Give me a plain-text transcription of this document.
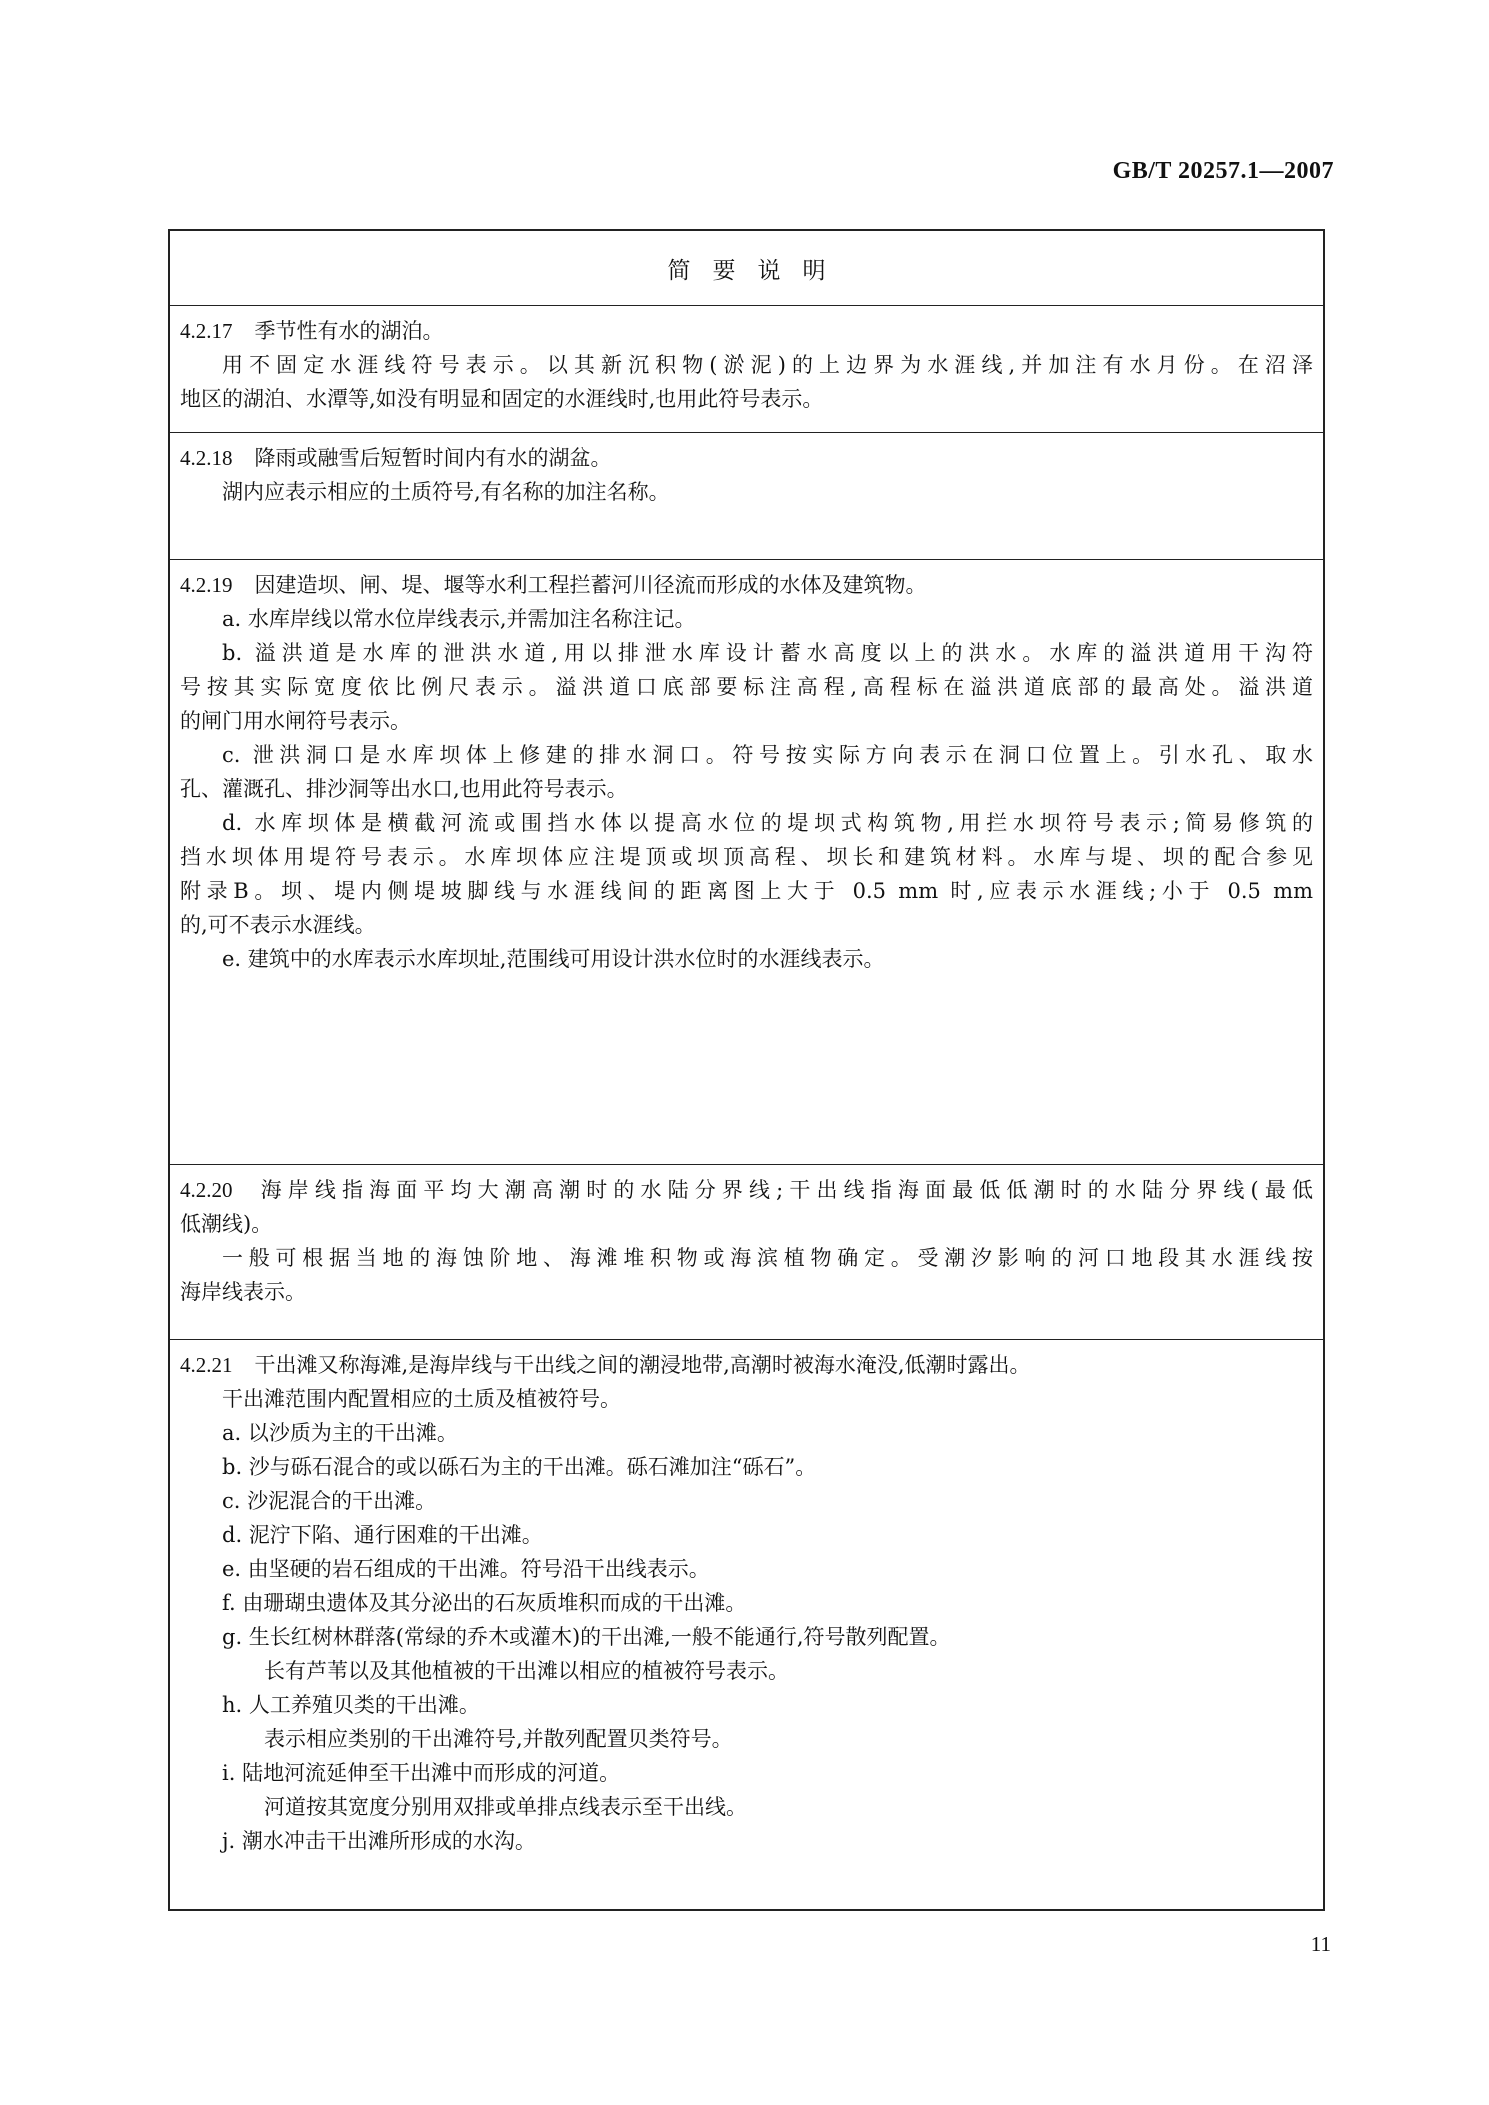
GB/T 20257.1—2007
简要说明
4.2.17 季节性有水的湖泊。
用不固定水涯线符号表示。以其新沉积物(淤泥)的上边界为水涯线,并加注有水月份。在沼泽
地区的湖泊、水潭等,如没有明显和固定的水涯线时,也用此符号表示。
4.2.18 降雨或融雪后短暂时间内有水的湖盆。
湖内应表示相应的土质符号,有名称的加注名称。
4.2.19 因建造坝、闸、堤、堰等水利工程拦蓄河川径流而形成的水体及建筑物。
a. 水库岸线以常水位岸线表示,并需加注名称注记。
b. 溢洪道是水库的泄洪水道,用以排泄水库设计蓄水高度以上的洪水。水库的溢洪道用干沟符
号按其实际宽度依比例尺表示。溢洪道口底部要标注高程,高程标在溢洪道底部的最高处。溢洪道
的闸门用水闸符号表示。
c. 泄洪洞口是水库坝体上修建的排水洞口。符号按实际方向表示在洞口位置上。引水孔、取水
孔、灌溉孔、排沙洞等出水口,也用此符号表示。
d. 水库坝体是横截河流或围挡水体以提高水位的堤坝式构筑物,用拦水坝符号表示;简易修筑的
挡水坝体用堤符号表示。水库坝体应注堤顶或坝顶高程、坝长和建筑材料。水库与堤、坝的配合参见
附录B。坝、堤内侧堤坡脚线与水涯线间的距离图上大于 0.5 mm 时,应表示水涯线;小于 0.5 mm
的,可不表示水涯线。
e. 建筑中的水库表示水库坝址,范围线可用设计洪水位时的水涯线表示。
4.2.20 海岸线指海面平均大潮高潮时的水陆分界线;干出线指海面最低低潮时的水陆分界线(最低
低潮线)。
一般可根据当地的海蚀阶地、海滩堆积物或海滨植物确定。受潮汐影响的河口地段其水涯线按
海岸线表示。
4.2.21 干出滩又称海滩,是海岸线与干出线之间的潮浸地带,高潮时被海水淹没,低潮时露出。
干出滩范围内配置相应的土质及植被符号。
a. 以沙质为主的干出滩。
b. 沙与砾石混合的或以砾石为主的干出滩。砾石滩加注“砾石”。
c. 沙泥混合的干出滩。
d. 泥泞下陷、通行困难的干出滩。
e. 由坚硬的岩石组成的干出滩。符号沿干出线表示。
f. 由珊瑚虫遗体及其分泌出的石灰质堆积而成的干出滩。
g. 生长红树林群落(常绿的乔木或灌木)的干出滩,一般不能通行,符号散列配置。
长有芦苇以及其他植被的干出滩以相应的植被符号表示。
h. 人工养殖贝类的干出滩。
表示相应类别的干出滩符号,并散列配置贝类符号。
i. 陆地河流延伸至干出滩中而形成的河道。
河道按其宽度分别用双排或单排点线表示至干出线。
j. 潮水冲击干出滩所形成的水沟。
11
